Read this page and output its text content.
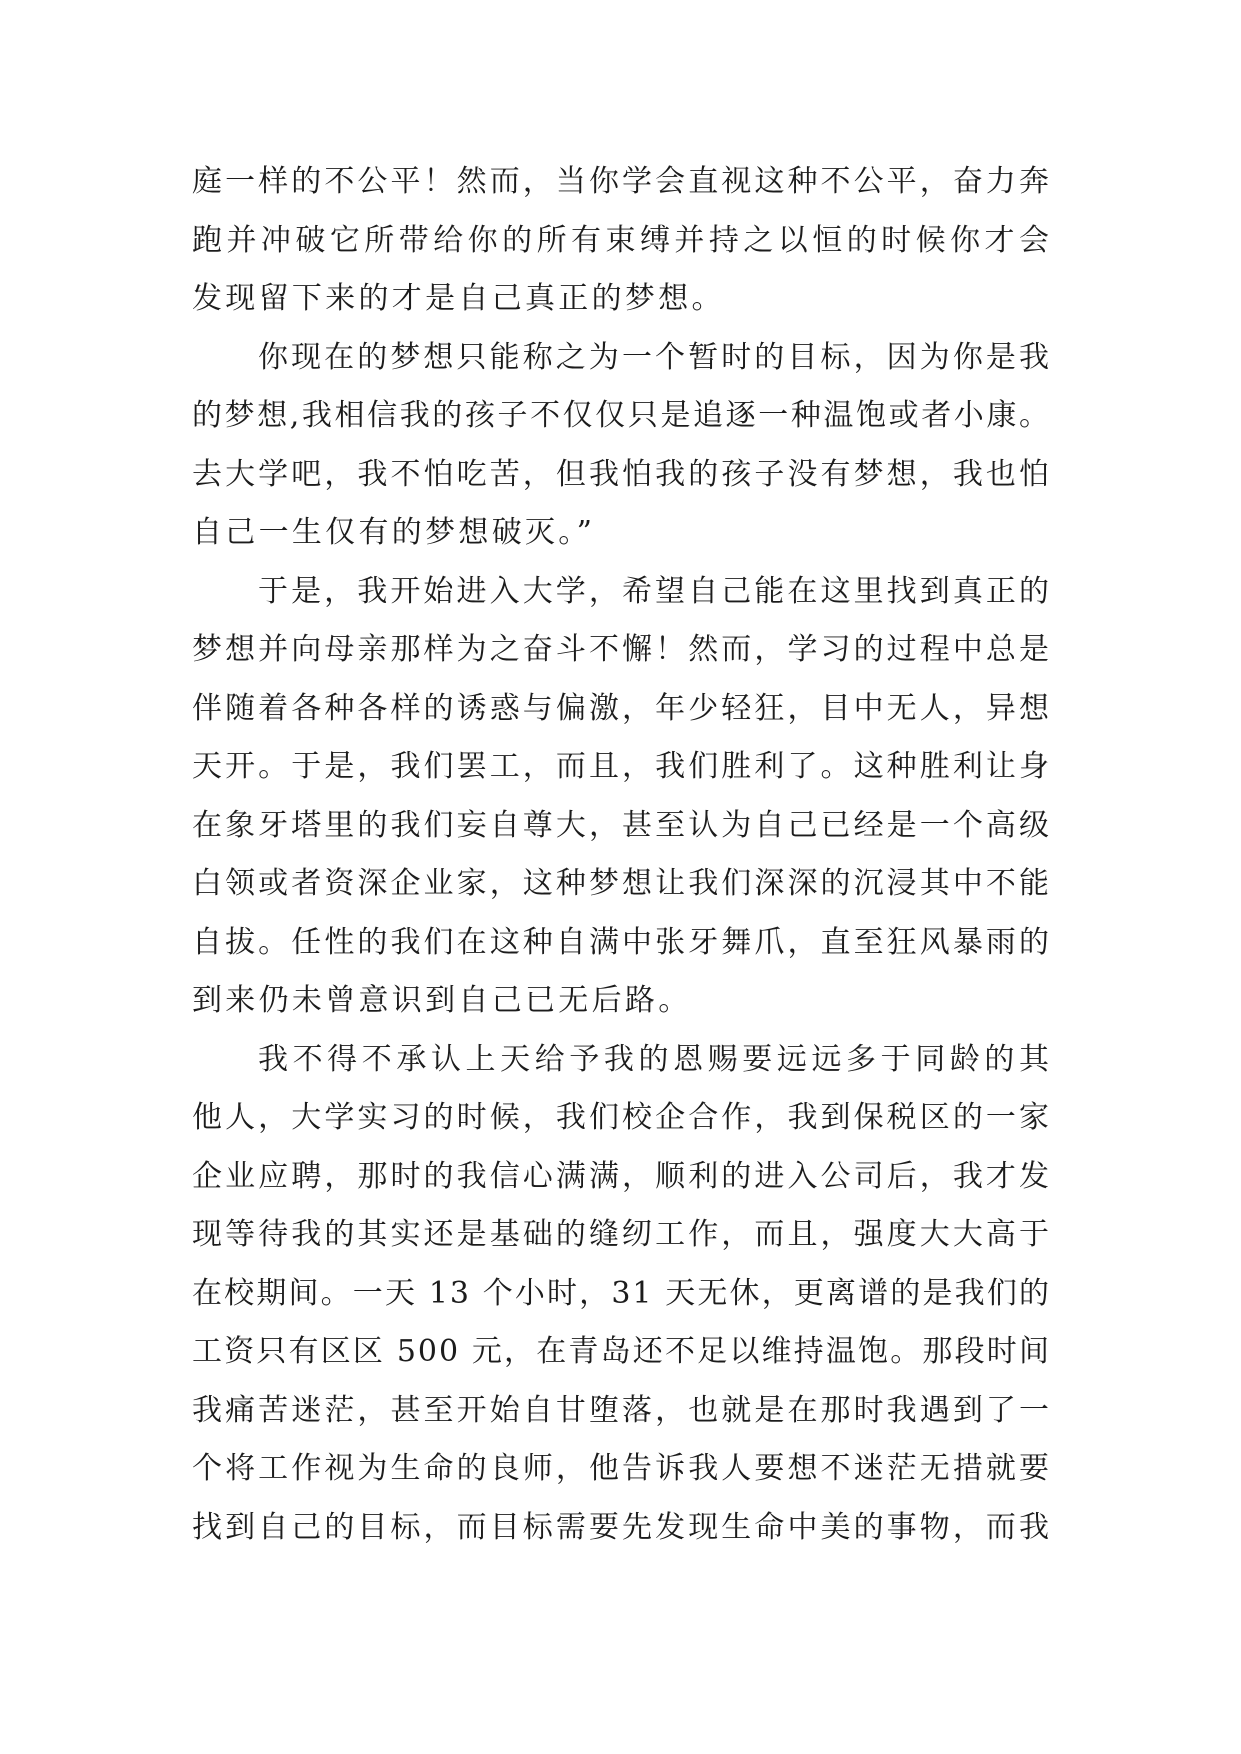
庭一样的不公平！然而，当你学会直视这种不公平，奋力奔
跑并冲破它所带给你的所有束缚并持之以恒的时候你才会
发现留下来的才是自己真正的梦想。
你现在的梦想只能称之为一个暂时的目标，因为你是我
的梦想,我相信我的孩子不仅仅只是追逐一种温饱或者小康。
去大学吧，我不怕吃苦，但我怕我的孩子没有梦想，我也怕
自己一生仅有的梦想破灭。”
于是，我开始进入大学，希望自己能在这里找到真正的
梦想并向母亲那样为之奋斗不懈！然而，学习的过程中总是
伴随着各种各样的诱惑与偏激，年少轻狂，目中无人，异想
天开。于是，我们罢工，而且，我们胜利了。这种胜利让身
在象牙塔里的我们妄自尊大，甚至认为自己已经是一个高级
白领或者资深企业家，这种梦想让我们深深的沉浸其中不能
自拔。任性的我们在这种自满中张牙舞爪，直至狂风暴雨的
到来仍未曾意识到自己已无后路。
我不得不承认上天给予我的恩赐要远远多于同龄的其
他人，大学实习的时候，我们校企合作，我到保税区的一家
企业应聘，那时的我信心满满，顺利的进入公司后，我才发
现等待我的其实还是基础的缝纫工作，而且，强度大大高于
在校期间。一天 13 个小时，31 天无休，更离谱的是我们的
工资只有区区 500 元，在青岛还不足以维持温饱。那段时间
我痛苦迷茫，甚至开始自甘堕落，也就是在那时我遇到了一
个将工作视为生命的良师，他告诉我人要想不迷茫无措就要
找到自己的目标，而目标需要先发现生命中美的事物，而我
